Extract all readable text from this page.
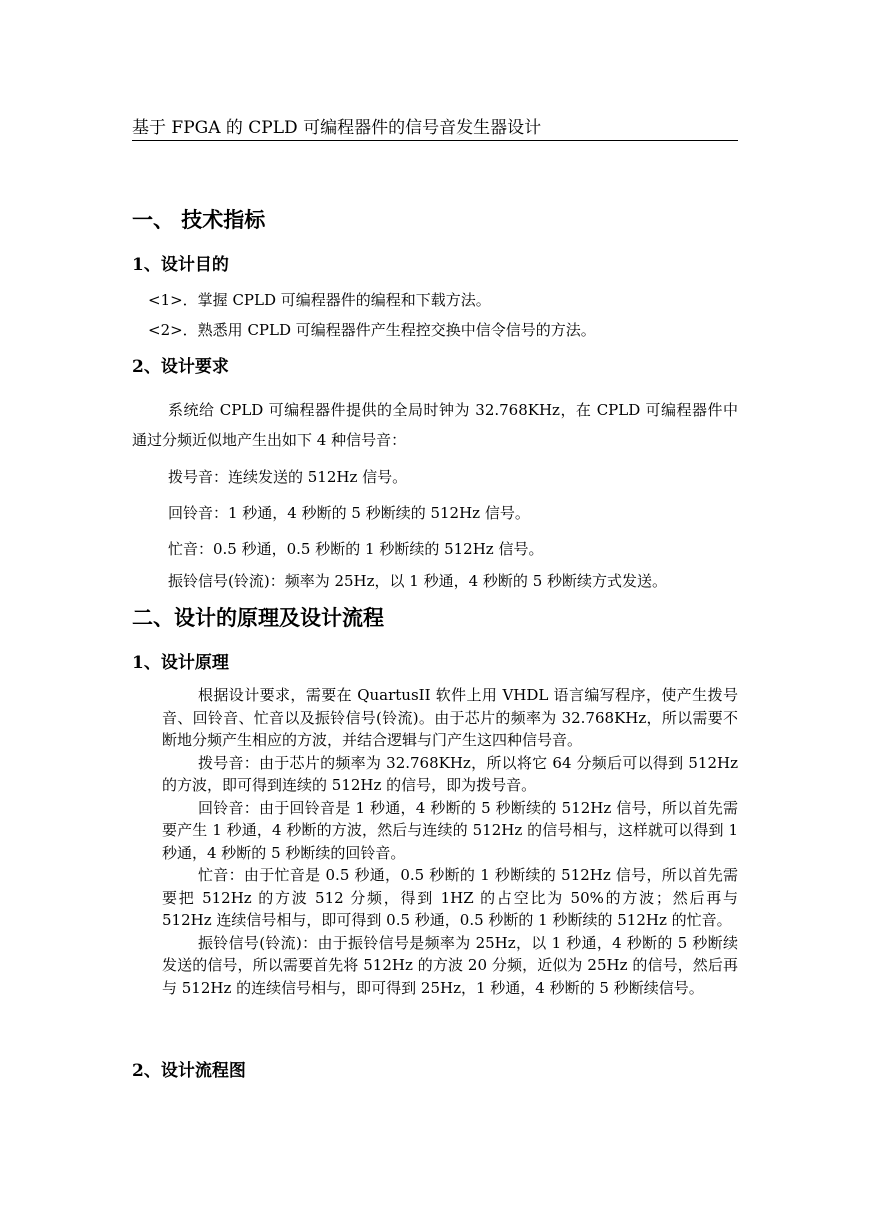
基于 FPGA 的 CPLD 可编程器件的信号音发生器设计
一、 技术指标
1、设计目的
<1>．掌握 CPLD 可编程器件的编程和下载方法。
<2>．熟悉用 CPLD 可编程器件产生程控交换中信令信号的方法。
2、设计要求
系统给 CPLD 可编程器件提供的全局时钟为 32.768KHz，在 CPLD 可编程器件中通过分频近似地产生出如下 4 种信号音：
拨号音：连续发送的 512Hz 信号。
回铃音：1 秒通，4 秒断的 5 秒断续的 512Hz 信号。
忙音：0.5 秒通，0.5 秒断的 1 秒断续的 512Hz 信号。
振铃信号(铃流)：频率为 25Hz，以 1 秒通，4 秒断的 5 秒断续方式发送。
二、设计的原理及设计流程
1、设计原理

根据设计要求，需要在 QuartusII 软件上用 VHDL 语言编写程序，使产生拨号音、回铃音、忙音以及振铃信号(铃流)。由于芯片的频率为 32.768KHz，所以需要不断地分频产生相应的方波，并结合逻辑与门产生这四种信号音。

拨号音：由于芯片的频率为 32.768KHz，所以将它 64 分频后可以得到 512Hz 的方波，即可得到连续的 512Hz 的信号，即为拨号音。

回铃音：由于回铃音是 1 秒通，4 秒断的 5 秒断续的 512Hz 信号，所以首先需要产生 1 秒通，4 秒断的方波，然后与连续的 512Hz 的信号相与，这样就可以得到 1 秒通，4 秒断的 5 秒断续的回铃音。

忙音：由于忙音是 0.5 秒通，0.5 秒断的 1 秒断续的 512Hz 信号，所以首先需要把 512Hz 的方波 512 分频，得到 1HZ 的占空比为 50%的方波；然后再与 512Hz 连续信号相与，即可得到 0.5 秒通，0.5 秒断的 1 秒断续的 512Hz 的忙音。

振铃信号(铃流)：由于振铃信号是频率为 25Hz，以 1 秒通，4 秒断的 5 秒断续发送的信号，所以需要首先将 512Hz 的方波 20 分频，近似为 25Hz 的信号，然后再与 512Hz 的连续信号相与，即可得到 25Hz，1 秒通，4 秒断的 5 秒断续信号。

2、设计流程图
